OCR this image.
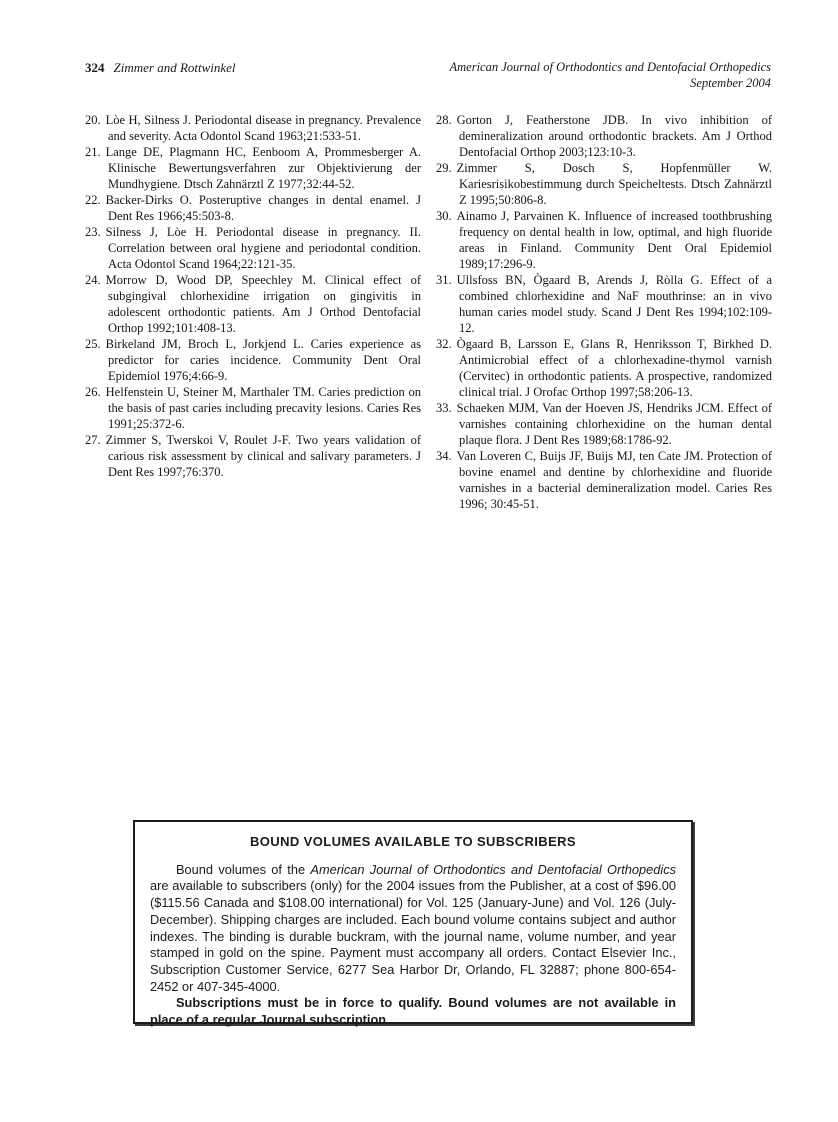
324 Zimmer and Rottwinkel	American Journal of Orthodontics and Dentofacial Orthopedics
September 2004

20. Lòe H, Silness J. Periodontal disease in pregnancy. Prevalence and severity. Acta Odontol Scand 1963;21:533-51.

21. Lange DE, Plagmann HC, Eenboom A, Prommesberger A. Klinische Bewertungsverfahren zur Objektivierung der Mundhygiene. Dtsch Zahnärztl Z 1977;32:44-52.

22. Backer-Dirks O. Posteruptive changes in dental enamel. J Dent Res 1966;45:503-8.

23. Silness J, Lòe H. Periodontal disease in pregnancy. II. Correlation between oral hygiene and periodontal condition. Acta Odontol Scand 1964;22:121-35.

24. Morrow D, Wood DP, Speechley M. Clinical effect of subgingival chlorhexidine irrigation on gingivitis in adolescent orthodontic patients. Am J Orthod Dentofacial Orthop 1992;101:408-13.

25. Birkeland JM, Broch L, Jorkjend L. Caries experience as predictor for caries incidence. Community Dent Oral Epidemiol 1976;4:66-9.

26. Helfenstein U, Steiner M, Marthaler TM. Caries prediction on the basis of past caries including precavity lesions. Caries Res 1991;25:372-6.

27. Zimmer S, Twerskoi V, Roulet J-F. Two years validation of carious risk assessment by clinical and salivary parameters. J Dent Res 1997;76:370.

28. Gorton J, Featherstone JDB. In vivo inhibition of demineralization around orthodontic brackets. Am J Orthod Dentofacial Orthop 2003;123:10-3.

29. Zimmer S, Dosch S, Hopfenmüller W. Kariesrisikobestimmung durch Speicheltests. Dtsch Zahnärztl Z 1995;50:806-8.

30. Ainamo J, Parvainen K. Influence of increased toothbrushing frequency on dental health in low, optimal, and high fluoride areas in Finland. Community Dent Oral Epidemiol 1989;17:296-9.

31. Ullsfoss BN, Ògaard B, Arends J, Ròlla G. Effect of a combined chlorhexidine and NaF mouthrinse: an in vivo human caries model study. Scand J Dent Res 1994;102:109-12.

32. Ògaard B, Larsson E, Glans R, Henriksson T, Birkhed D. Antimicrobial effect of a chlorhexadine-thymol varnish (Cervitec) in orthodontic patients. A prospective, randomized clinical trial. J Orofac Orthop 1997;58:206-13.

33. Schaeken MJM, Van der Hoeven JS, Hendriks JCM. Effect of varnishes containing chlorhexidine on the human dental plaque flora. J Dent Res 1989;68:1786-92.

34. Van Loveren C, Buijs JF, Buijs MJ, ten Cate JM. Protection of bovine enamel and dentine by chlorhexidine and fluoride varnishes in a bacterial demineralization model. Caries Res 1996; 30:45-51.

BOUND VOLUMES AVAILABLE TO SUBSCRIBERS

Bound volumes of the American Journal of Orthodontics and Dentofacial Orthopedics are available to subscribers (only) for the 2004 issues from the Publisher, at a cost of $96.00 ($115.56 Canada and $108.00 international) for Vol. 125 (January-June) and Vol. 126 (July-December). Shipping charges are included. Each bound volume contains subject and author indexes. The binding is durable buckram, with the journal name, volume number, and year stamped in gold on the spine. Payment must accompany all orders. Contact Elsevier Inc., Subscription Customer Service, 6277 Sea Harbor Dr, Orlando, FL 32887; phone 800-654-2452 or 407-345-4000.

Subscriptions must be in force to qualify. Bound volumes are not available in place of a regular Journal subscription.
